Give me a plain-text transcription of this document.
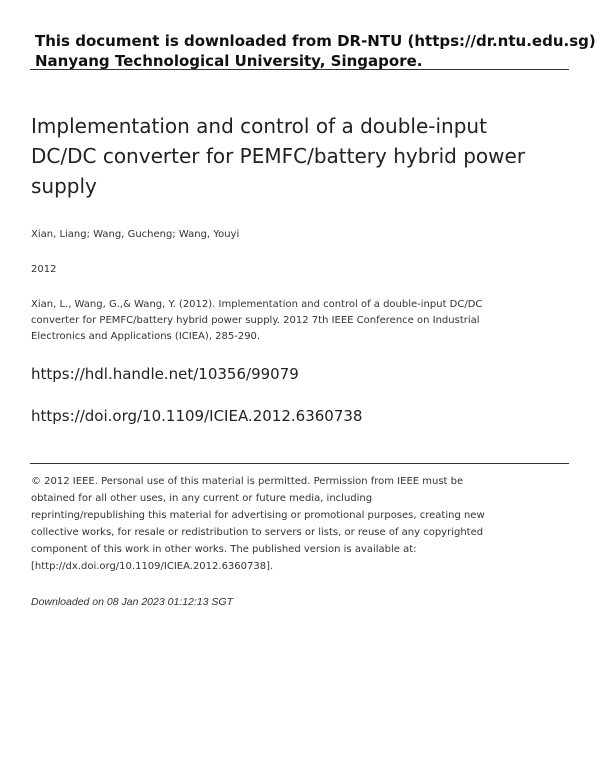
This document is downloaded from DR-NTU (https://dr.ntu.edu.sg)
Nanyang Technological University, Singapore.
Implementation and control of a double-input
DC/DC converter for PEMFC/battery hybrid power
supply
Xian, Liang; Wang, Gucheng; Wang, Youyi
2012
Xian, L., Wang, G.,& Wang, Y. (2012). Implementation and control of a double-input DC/DC
converter for PEMFC/battery hybrid power supply. 2012 7th IEEE Conference on Industrial
Electronics and Applications (ICIEA), 285-290.
https://hdl.handle.net/10356/99079
https://doi.org/10.1109/ICIEA.2012.6360738
© 2012 IEEE. Personal use of this material is permitted. Permission from IEEE must be
obtained for all other uses, in any current or future media, including
reprinting/republishing this material for advertising or promotional purposes, creating new
collective works, for resale or redistribution to servers or lists, or reuse of any copyrighted
component of this work in other works. The published version is available at:
[http://dx.doi.org/10.1109/ICIEA.2012.6360738].
Downloaded on 08 Jan 2023 01:12:13 SGT
